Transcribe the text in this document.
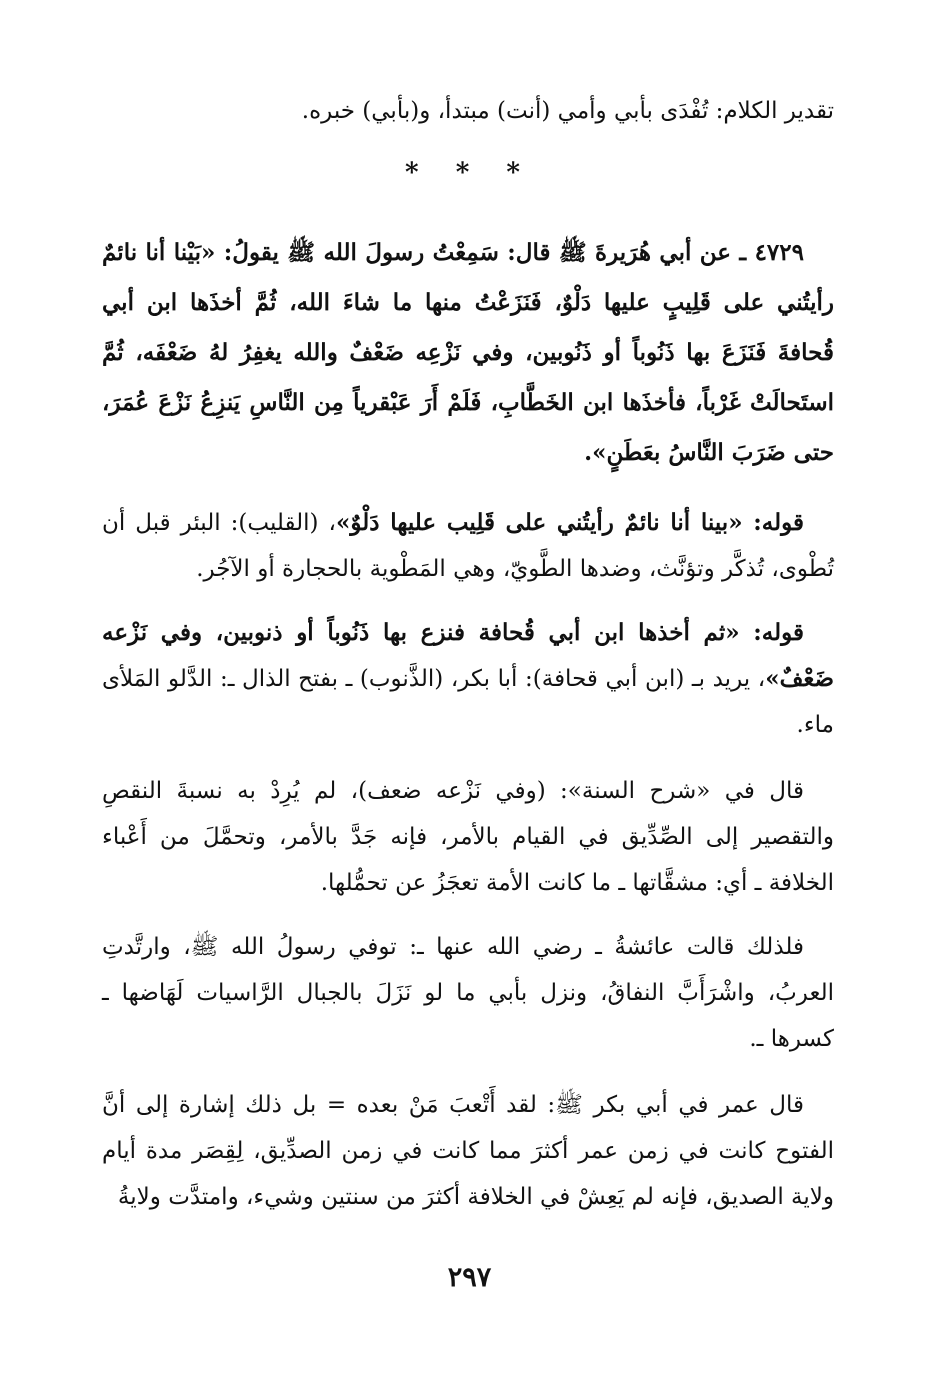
تقدير الكلام: تُفْدَى بأبي وأمي (أنت) مبتدأ، و(بأبي) خبره.

* * *

٤٧٢٩ ـ عن أبي هُرَيرةَ ﷺ قال: سَمِعْتُ رسولَ الله ﷺ يقولُ: «بَيْنا أنا نائمٌ رأيتُني على قَلِيبٍ عليها دَلْوٌ، فَنَزَعْتُ منها ما شاءَ الله، ثُمَّ أخذَها ابن أبي قُحافةَ فَنَزَعَ بها ذَنُوباً أو ذَنُوبين، وفي نَزْعِه ضَعْفٌ والله يغفِرُ لهُ ضَعْفَه، ثُمَّ استَحالَتْ غَرْباً، فأخذَها ابن الخَطَّابِ، فَلَمْ أَرَ عَبْقرياً مِن النَّاسِ يَنزِعُ نَزْعَ عُمَرَ، حتى ضَرَبَ النَّاسُ بعَطَنٍ».

قوله: «بينا أنا نائمٌ رأيتُني على قَلِيب عليها دَلْوٌ»، (القليب): البئر قبل أن تُطْوى، تُذكَّر وتؤنَّث، وضدها الطَّويّ، وهي المَطْوية بالحجارة أو الآجُر.

قوله: «ثم أخذها ابن أبي قُحافة فنزع بها ذَنُوباً أو ذنوبين، وفي نَزْعه ضَعْفٌ»، يريد بـ (ابن أبي قحافة): أبا بكر، (الذَّنوب) ـ بفتح الذال ـ: الدَّلو المَلأى ماء.

قال في «شرح السنة»: (وفي نَزْعه ضعف)، لم يُرِدْ به نسبةَ النقصِ والتقصير إلى الصِّدِّيق في القيام بالأمر، فإنه جَدَّ بالأمر، وتحمَّلَ من أَعْباء الخلافة ـ أي: مشقَّاتها ـ ما كانت الأمة تعجَزُ عن تحمُّلها.

فلذلك قالت عائشةُ ـ رضي الله عنها ـ: توفي رسولُ الله ﷺ، وارتَّدتِ العربُ، واشْرَأَبَّ النفاقُ، ونزل بأبي ما لو نَزَلَ بالجبال الرَّاسيات لَهَاضها ـ كسرها ـ.

قال عمر في أبي بكر ﷺ: لقد أَتْعبَ مَنْ بعده = بل ذلك إشارة إلى أنَّ الفتوح كانت في زمن عمر أكثرَ مما كانت في زمن الصدِّيق، لِقِصَر مدة أيام ولاية الصديق، فإنه لم يَعِشْ في الخلافة أكثرَ من سنتين وشيء، وامتدَّت ولايةُ

٢٩٧
